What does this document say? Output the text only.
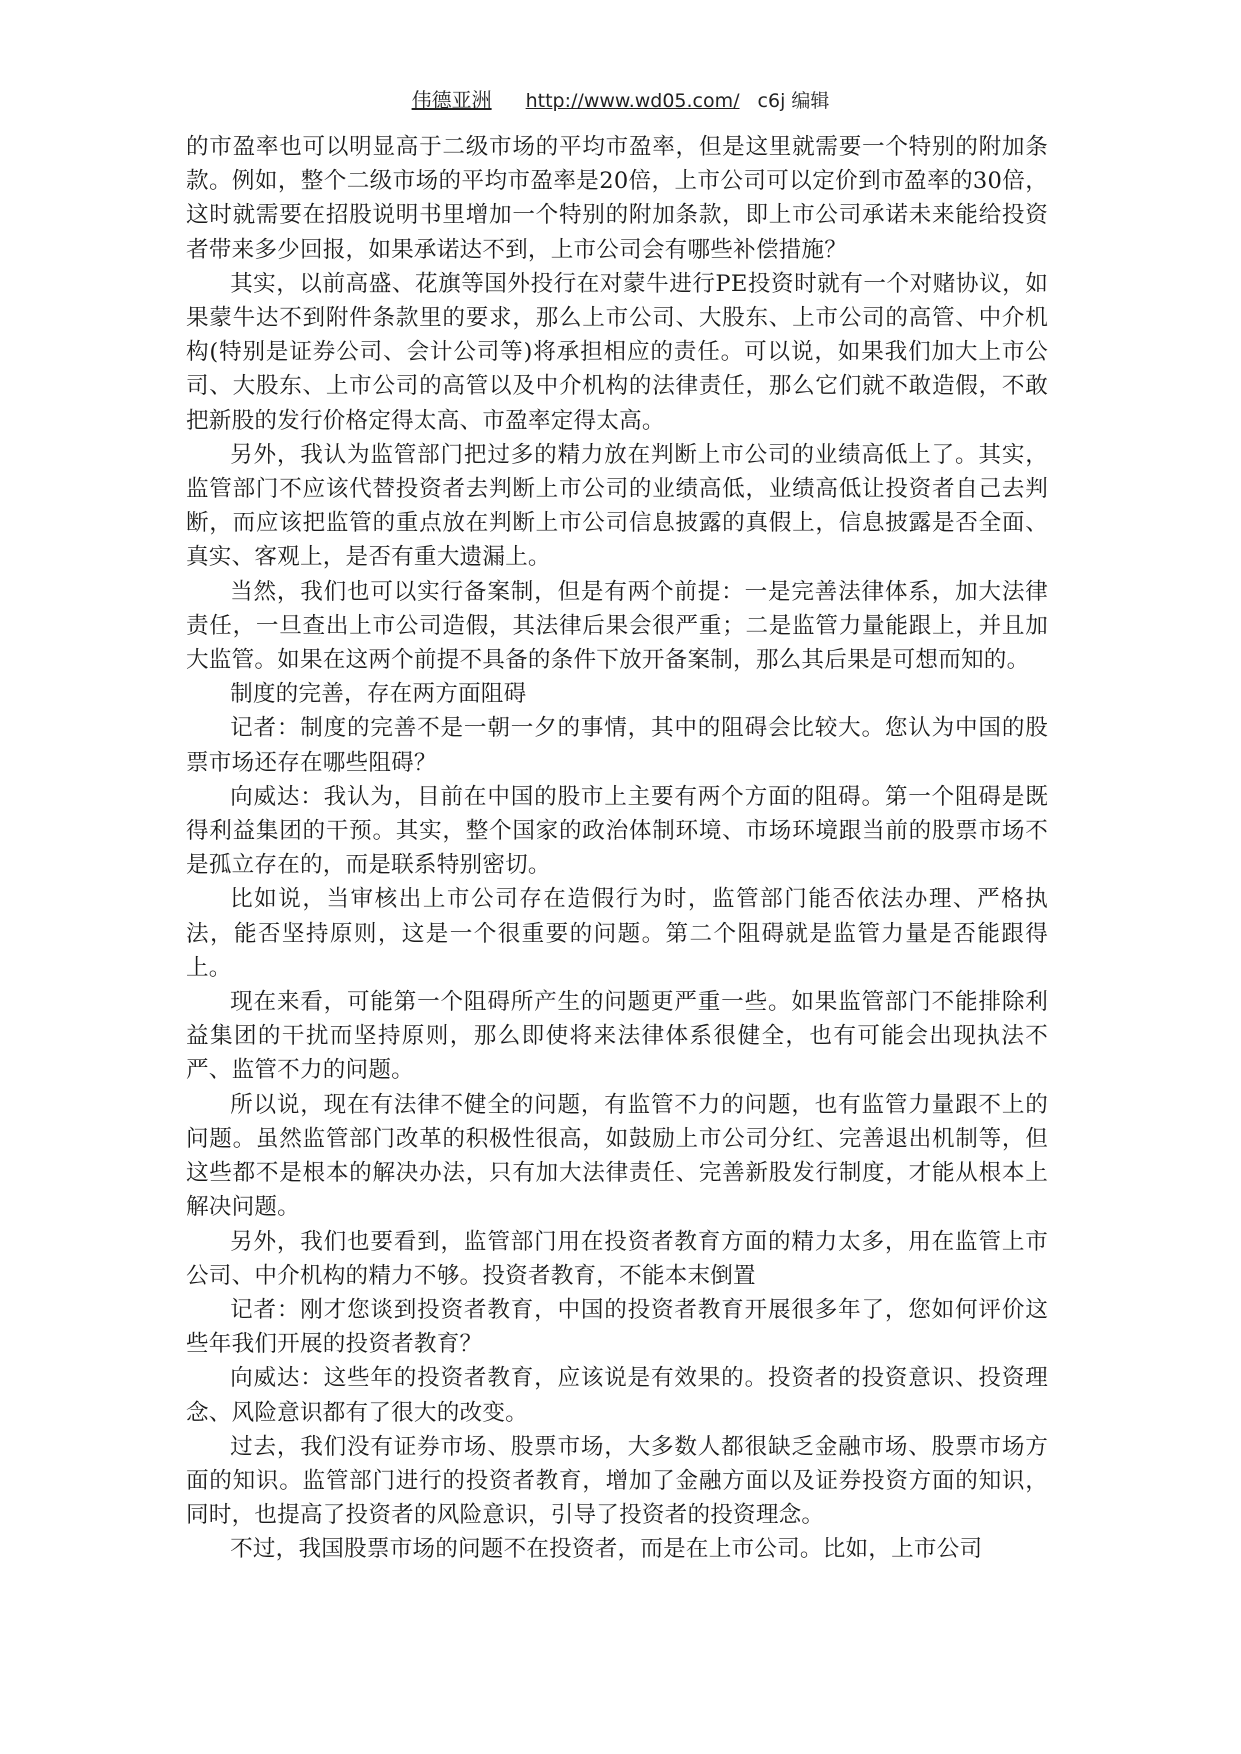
伟德亚洲 http://www.wd05.com/ c6j 编辑

的市盈率也可以明显高于二级市场的平均市盈率，但是这里就需要一个特别的附加条款。例如，整个二级市场的平均市盈率是20倍，上市公司可以定价到市盈率的30倍，这时就需要在招股说明书里增加一个特别的附加条款，即上市公司承诺未来能给投资者带来多少回报，如果承诺达不到，上市公司会有哪些补偿措施？

其实，以前高盛、花旗等国外投行在对蒙牛进行PE投资时就有一个对赌协议，如果蒙牛达不到附件条款里的要求，那么上市公司、大股东、上市公司的高管、中介机构(特别是证券公司、会计公司等)将承担相应的责任。可以说，如果我们加大上市公司、大股东、上市公司的高管以及中介机构的法律责任，那么它们就不敢造假，不敢把新股的发行价格定得太高、市盈率定得太高。

另外，我认为监管部门把过多的精力放在判断上市公司的业绩高低上了。其实，监管部门不应该代替投资者去判断上市公司的业绩高低，业绩高低让投资者自己去判断，而应该把监管的重点放在判断上市公司信息披露的真假上，信息披露是否全面、真实、客观上，是否有重大遗漏上。

当然，我们也可以实行备案制，但是有两个前提：一是完善法律体系，加大法律责任，一旦查出上市公司造假，其法律后果会很严重；二是监管力量能跟上，并且加大监管。如果在这两个前提不具备的条件下放开备案制，那么其后果是可想而知的。

制度的完善，存在两方面阻碍

记者：制度的完善不是一朝一夕的事情，其中的阻碍会比较大。您认为中国的股票市场还存在哪些阻碍？

向威达：我认为，目前在中国的股市上主要有两个方面的阻碍。第一个阻碍是既得利益集团的干预。其实，整个国家的政治体制环境、市场环境跟当前的股票市场不是孤立存在的，而是联系特别密切。

比如说，当审核出上市公司存在造假行为时，监管部门能否依法办理、严格执法，能否坚持原则，这是一个很重要的问题。第二个阻碍就是监管力量是否能跟得上。

现在来看，可能第一个阻碍所产生的问题更严重一些。如果监管部门不能排除利益集团的干扰而坚持原则，那么即使将来法律体系很健全，也有可能会出现执法不严、监管不力的问题。

所以说，现在有法律不健全的问题，有监管不力的问题，也有监管力量跟不上的问题。虽然监管部门改革的积极性很高，如鼓励上市公司分红、完善退出机制等，但这些都不是根本的解决办法，只有加大法律责任、完善新股发行制度，才能从根本上解决问题。

另外，我们也要看到，监管部门用在投资者教育方面的精力太多，用在监管上市公司、中介机构的精力不够。投资者教育，不能本末倒置

记者：刚才您谈到投资者教育，中国的投资者教育开展很多年了，您如何评价这些年我们开展的投资者教育？

向威达：这些年的投资者教育，应该说是有效果的。投资者的投资意识、投资理念、风险意识都有了很大的改变。

过去，我们没有证券市场、股票市场，大多数人都很缺乏金融市场、股票市场方面的知识。监管部门进行的投资者教育，增加了金融方面以及证券投资方面的知识，同时，也提高了投资者的风险意识，引导了投资者的投资理念。

不过，我国股票市场的问题不在投资者，而是在上市公司。比如，上市公司
